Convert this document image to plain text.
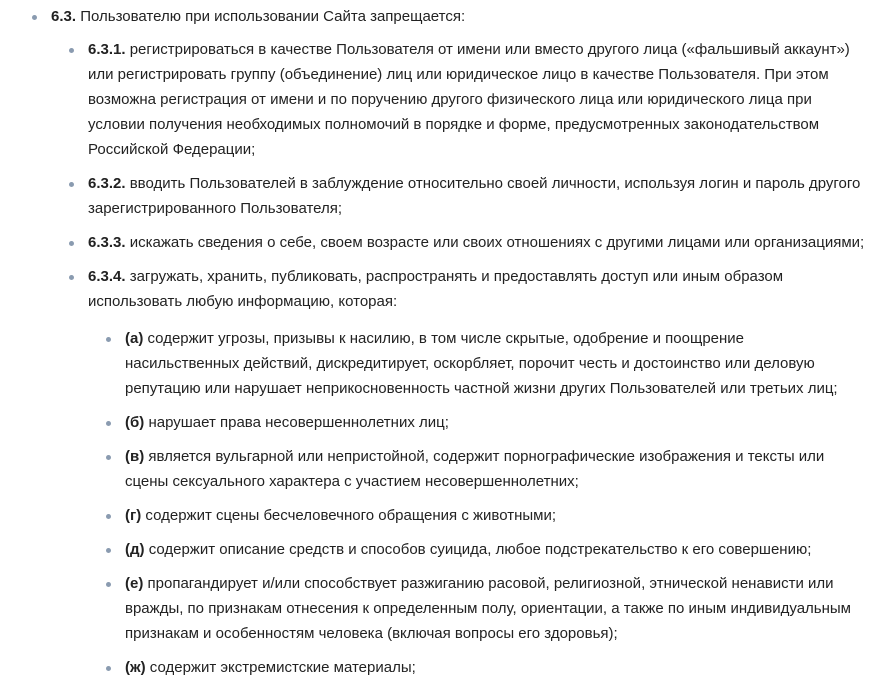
6.3. Пользователю при использовании Сайта запрещается:
6.3.1. регистрироваться в качестве Пользователя от имени или вместо другого лица («фальшивый аккаунт») или регистрировать группу (объединение) лиц или юридическое лицо в качестве Пользователя. При этом возможна регистрация от имени и по поручению другого физического лица или юридического лица при условии получения необходимых полномочий в порядке и форме, предусмотренных законодательством Российской Федерации;
6.3.2. вводить Пользователей в заблуждение относительно своей личности, используя логин и пароль другого зарегистрированного Пользователя;
6.3.3. искажать сведения о себе, своем возрасте или своих отношениях с другими лицами или организациями;
6.3.4. загружать, хранить, публиковать, распространять и предоставлять доступ или иным образом использовать любую информацию, которая:
(а) содержит угрозы, призывы к насилию, в том числе скрытые, одобрение и поощрение насильственных действий, дискредитирует, оскорбляет, порочит честь и достоинство или деловую репутацию или нарушает неприкосновенность частной жизни других Пользователей или третьих лиц;
(б) нарушает права несовершеннолетних лиц;
(в) является вульгарной или непристойной, содержит порнографические изображения и тексты или сцены сексуального характера с участием несовершеннолетних;
(г) содержит сцены бесчеловечного обращения с животными;
(д) содержит описание средств и способов суицида, любое подстрекательство к его совершению;
(е) пропагандирует и/или способствует разжиганию расовой, религиозной, этнической ненависти или вражды, по признакам отнесения к определенным полу, ориентации, а также по иным индивидуальным признакам и особенностям человека (включая вопросы его здоровья);
(ж) содержит экстремистские материалы;
